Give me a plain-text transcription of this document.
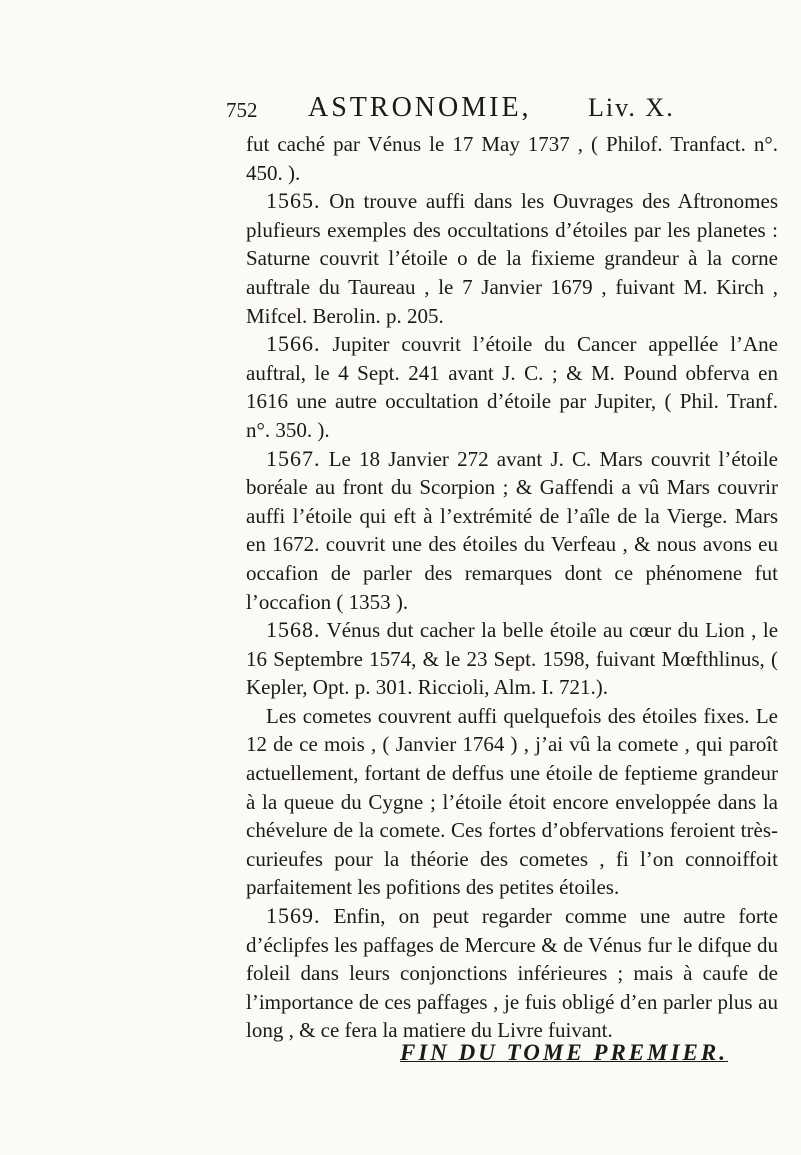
752 ASTRONOMIE, Liv. X.

fut caché par Vénus le 17 May 1737 , ( Philof. Tranfact. n°. 450. ).

1565. On trouve auffi dans les Ouvrages des Aftronomes plufieurs exemples des occultations d’étoiles par les planetes : Saturne couvrit l’étoile o de la fixieme grandeur à la corne auftrale du Taureau , le 7 Janvier 1679 , fuivant M. Kirch , Mifcel. Berolin. p. 205.

1566. Jupiter couvrit l’étoile du Cancer appellée l’Ane auftral, le 4 Sept. 241 avant J. C. ; & M. Pound obferva en 1616 une autre occultation d’étoile par Jupiter, ( Phil. Tranf. n°. 350. ).

1567. Le 18 Janvier 272 avant J. C. Mars couvrit l’étoile boréale au front du Scorpion ; & Gaffendi a vû Mars couvrir auffi l’étoile qui eft à l’extrémité de l’aîle de la Vierge. Mars en 1672. couvrit une des étoiles du Verfeau , & nous avons eu occafion de parler des remarques dont ce phénomene fut l’occafion ( 1353 ).

1568. Vénus dut cacher la belle étoile au cœur du Lion , le 16 Septembre 1574, & le 23 Sept. 1598, fuivant Mœfthlinus, ( Kepler, Opt. p. 301. Riccioli, Alm. I. 721.).

Les cometes couvrent auffi quelquefois des étoiles fixes. Le 12 de ce mois , ( Janvier 1764 ) , j’ai vû la comete , qui paroît actuellement, fortant de deffus une étoile de feptieme grandeur à la queue du Cygne ; l’étoile étoit encore enveloppée dans la chévelure de la comete. Ces fortes d’obfervations feroient très-curieufes pour la théorie des cometes , fi l’on connoiffoit parfaitement les pofitions des petites étoiles.

1569. Enfin, on peut regarder comme une autre forte d’éclipfes les paffages de Mercure & de Vénus fur le difque du foleil dans leurs conjonctions inférieures ; mais à caufe de l’importance de ces paffages , je fuis obligé d’en parler plus au long , & ce fera la matiere du Livre fuivant.

FIN DU TOME PREMIER.
